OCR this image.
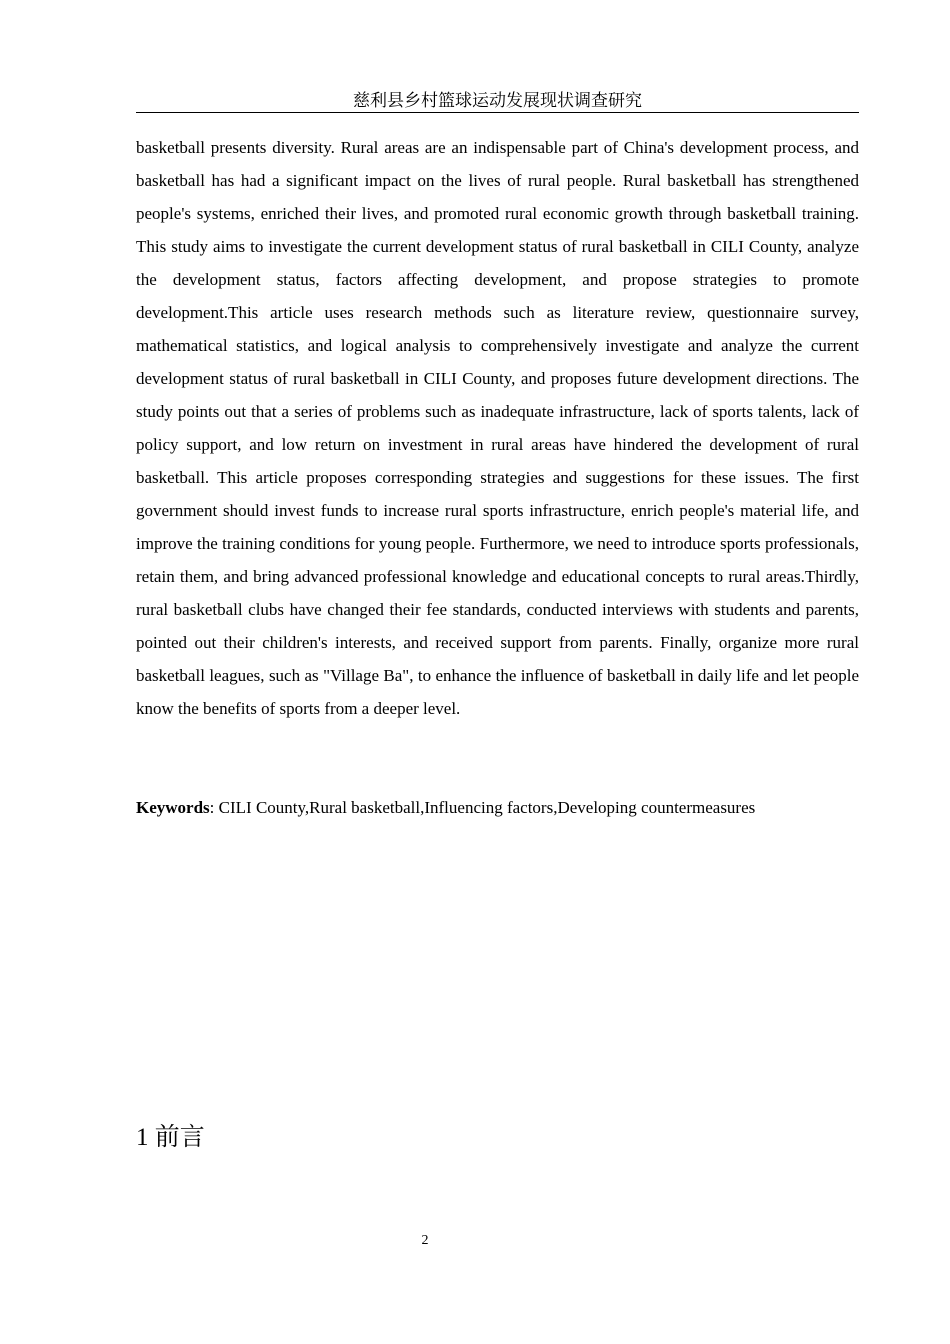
慈利县乡村篮球运动发展现状调查研究

basketball presents diversity. Rural areas are an indispensable part of China's development process, and basketball has had a significant impact on the lives of rural people. Rural basketball has strengthened people's systems, enriched their lives, and promoted rural economic growth through basketball training. This study aims to investigate the current development status of rural basketball in CILI County, analyze the development status, factors affecting development, and propose strategies to promote development.This article uses research methods such as literature review, questionnaire survey, mathematical statistics, and logical analysis to comprehensively investigate and analyze the current development status of rural basketball in CILI County, and proposes future development directions. The study points out that a series of problems such as inadequate infrastructure, lack of sports talents, lack of policy support, and low return on investment in rural areas have hindered the development of rural basketball. This article proposes corresponding strategies and suggestions for these issues. The first government should invest funds to increase rural sports infrastructure, enrich people's material life, and improve the training conditions for young people. Furthermore, we need to introduce sports professionals, retain them, and bring advanced professional knowledge and educational concepts to rural areas.Thirdly, rural basketball clubs have changed their fee standards, conducted interviews with students and parents, pointed out their children's interests, and received support from parents. Finally, organize more rural basketball leagues, such as "Village Ba", to enhance the influence of basketball in daily life and let people know the benefits of sports from a deeper level.

Keywords: CILI County,Rural basketball,Influencing factors,Developing countermeasures

1 前言
2
